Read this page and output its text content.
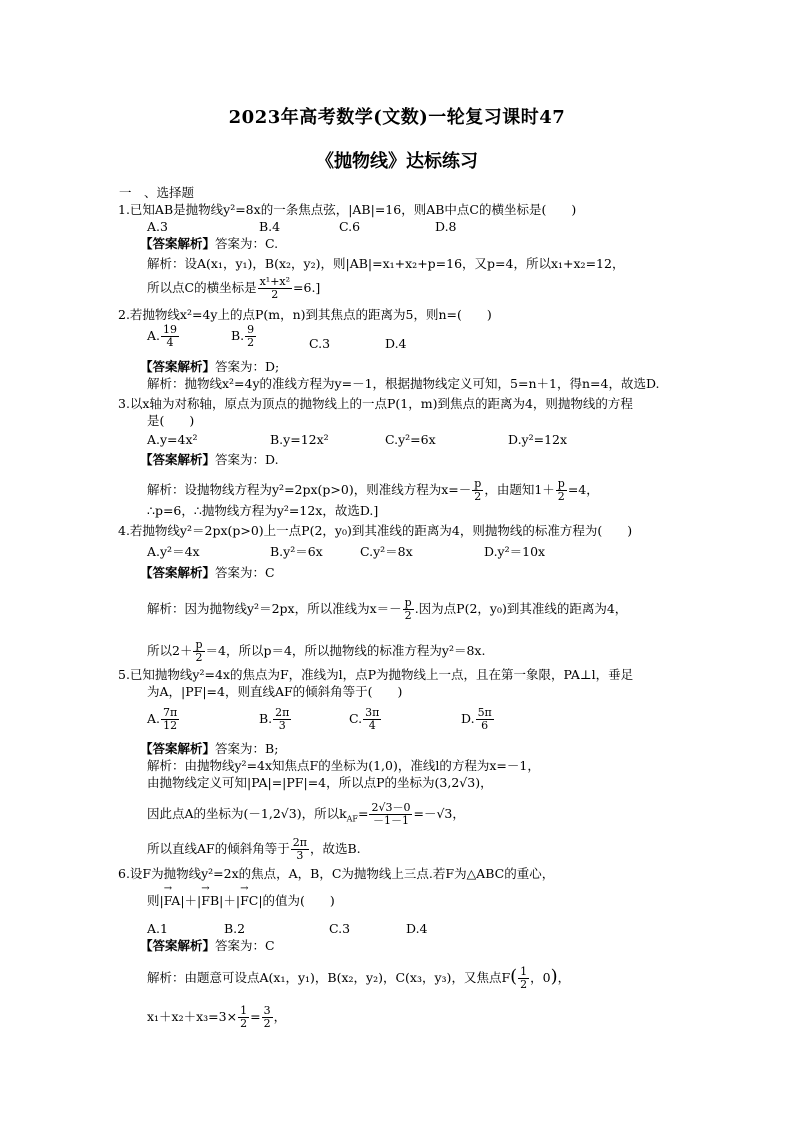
2023年高考数学(文数)一轮复习课时47
《抛物线》达标练习
一　、选择题
1.已知AB是抛物线y²=8x的一条焦点弦，|AB|=16，则AB中点C的横坐标是(　　)
A.3	B.4	C.6	D.8
【答案解析】答案为：C.
解析：设A(x₁，y₁)，B(x₂，y₂)，则|AB|=x₁+x₂+p=16，又p=4，所以x₁+x₂=12，
所以点C的横坐标是 $\frac{\text{x¹+x²}}{2} =6$.]
2.若抛物线x²=4y上的点P(m，n)到其焦点的距离为5，则n=(　　)
A. $\frac{19}{4}$	B. $\frac{9}{2}$	C.3	D.4
【答案解析】答案为：D;
解析：抛物线x²=4y的准线方程为y=－1，根据抛物线定义可知，5=n＋1，得n=4，故选D.
3.以x轴为对称轴，原点为顶点的抛物线上的一点P(1，m)到焦点的距离为4，则抛物线的方程
是(　　)
A.y=4x²	B.y=12x²	C.y²=6x	D.y²=12x
【答案解析】答案为：D.
解析：设抛物线方程为y²=2px(p>0)，则准线方程为$x=- \frac{p}{2}$ ，由题知$1+ \frac{p}{2} =4$，
∴p=6，∴抛物线方程为y²=12x，故选D.]
4.若抛物线y²＝2px(p>0)上一点P(2，y₀)到其准线的距离为4，则抛物线的标准方程为(　　)
A.y²＝4x	B.y²＝6x	C.y²＝8x	D.y²＝10x
【答案解析】答案为：C
解析：因为抛物线y²＝2px，所以准线为$x=- \frac{p}{2}$ .因为点P(2，y₀)到其准线的距离为4，
所以$2+ \frac{p}{2} =4$，所以p＝4，所以抛物线的标准方程为y²＝8x.
5.已知抛物线y²=4x的焦点为F，准线为l，点P为抛物线上一点，且在第一象限，PA⊥l，垂足
为A，|PF|=4，则直线AF的倾斜角等于(　　)
A. $\frac{7\pi}{12}$	B. $\frac{2\pi}{3}$	C. $\frac{3\pi}{4}$	D. $\frac{5\pi}{6}$
【答案解析】答案为：B;
解析：由抛物线y²=4x知焦点F的坐标为(1,0)，准线l的方程为x=－1，
由抛物线定义可知|PA|=|PF|=4，所以点P的坐标为(3,2√3)，
因此点A的坐标为(－1,2√3)，所以$k_{AF}= \frac{2√3-0}{-1-1} =-√3$，
所以直线AF的倾斜角等于 $\frac{2\pi}{3}$ ，故选B.
6.设F为抛物线y²=2x的焦点，A，B，C为抛物线上三点.若F为△ABC的重心，
则|→ FA|＋|→ FB|＋|→ FC|的值为(　　)
A.1	B.2	C.3	D.4
【答案解析】答案为：C
解析：由题意可设点A(x₁，y₁)，B(x₂，y₂)，C(x₃，y₃)，又焦点$F( \frac{1}{2}$ ，0)，
$x_1+x_2+x_3=3\times \frac{1}{2} = \frac{3}{2}$ ，
